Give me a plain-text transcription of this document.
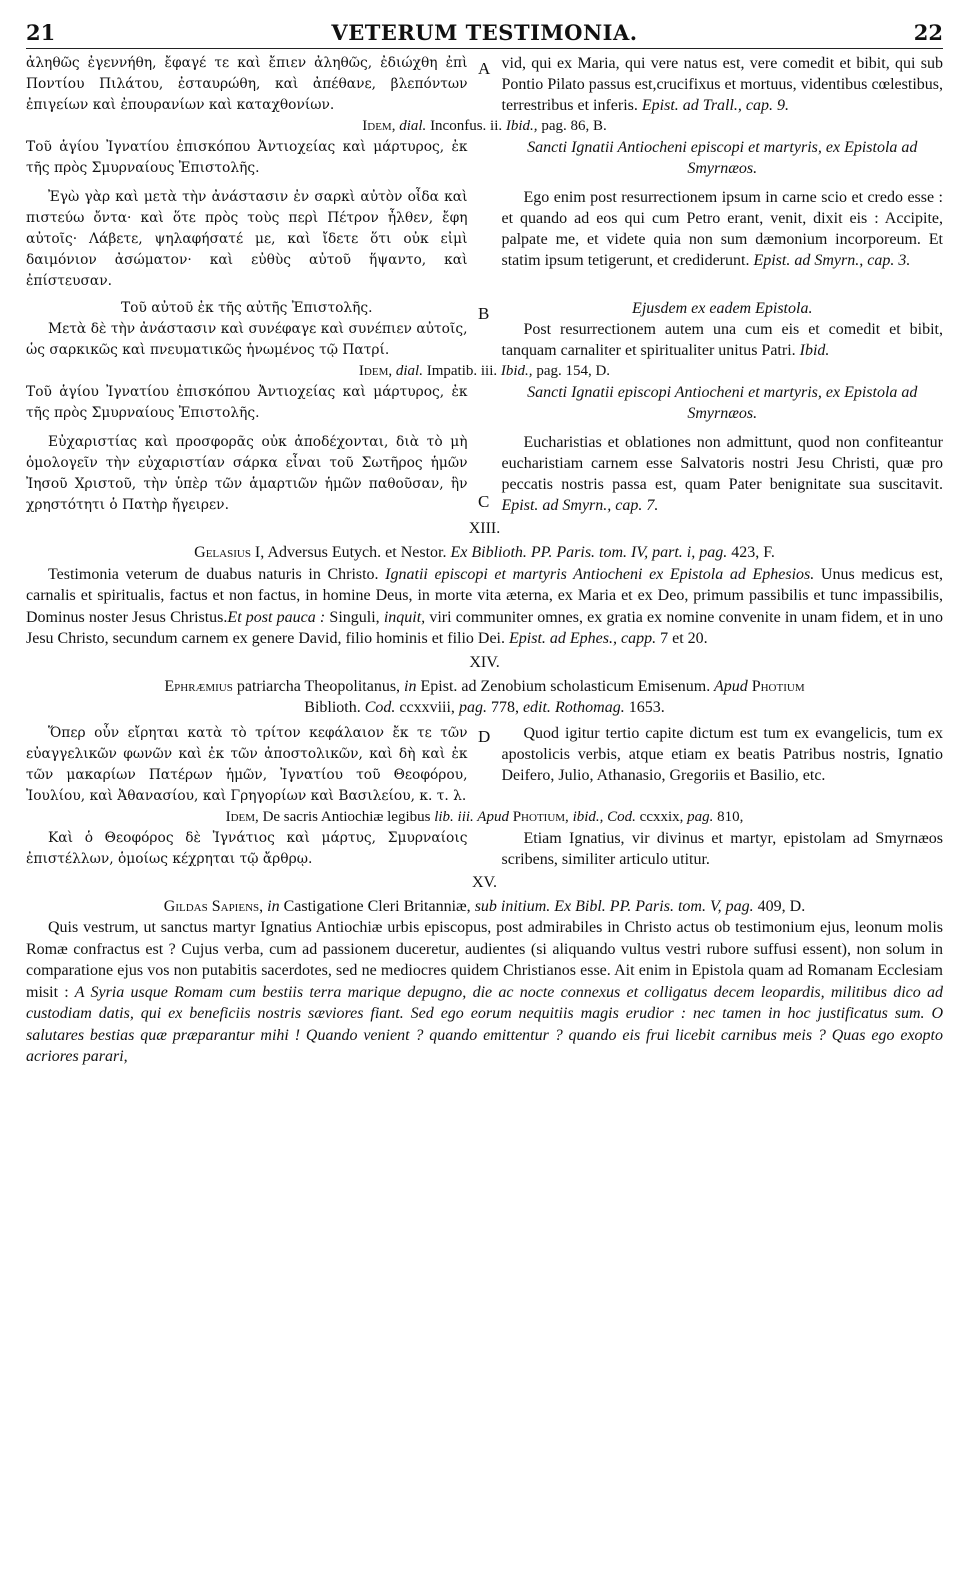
21	VETERUM TESTIMONIA.	22

ἀληθῶς ἐγεννήθη, ἔφαγέ τε καὶ ἔπιεν ἀληθῶς, ἐδιώχθη ἐπὶ Ποντίου Πιλάτου, ἐσταυρώθη, καὶ ἀπέθανε, βλεπόντων ἐπιγείων καὶ ἐπουρανίων καὶ καταχθονίων.

vid, qui ex Maria, qui vere natus est, vere comedit et bibit, qui sub Pontio Pilato passus est,crucifixus et mortuus, videntibus cœlestibus, terrestribus et inferis. Epist. ad Trall., cap. 9.

A
Idem, dial. Inconfus. ii. Ibid., pag. 86, B.

Τοῦ ἁγίου Ἰγνατίου ἐπισκόπου Ἀντιοχείας καὶ μάρτυρος, ἐκ τῆς πρὸς Σμυρναίους Ἐπιστολῆς.

Ἐγὼ γὰρ καὶ μετὰ τὴν ἀνάστασιν ἐν σαρκὶ αὐτὸν οἶδα καὶ πιστεύω ὄντα· καὶ ὅτε πρὸς τοὺς περὶ Πέτρον ἦλθεν, ἔφη αὐτοῖς· Λάβετε, ψηλαφήσατέ με, καὶ ἴδετε ὅτι οὐκ εἰμὶ δαιμόνιον ἀσώματον· καὶ εὐθὺς αὐτοῦ ἥψαντο, καὶ ἐπίστευσαν.

Sancti Ignatii Antiocheni episcopi et martyris, ex Epistola ad Smyrnæos.

Ego enim post resurrectionem ipsum in carne scio et credo esse : et quando ad eos qui cum Petro erant, venit, dixit eis : Accipite, palpate me, et videte quia non sum dæmonium incorporeum. Et statim ipsum tetigerunt, et crediderunt. Epist. ad Smyrn., cap. 3.

Τοῦ αὐτοῦ ἐκ τῆς αὐτῆς Ἐπιστολῆς.

Μετὰ δὲ τὴν ἀνάστασιν καὶ συνέφαγε καὶ συνέπιεν αὐτοῖς, ὡς σαρκικῶς καὶ πνευματικῶς ἡνωμένος τῷ Πατρί.

Ejusdem ex eadem Epistola.

Post resurrectionem autem una cum eis et comedit et bibit, tanquam carnaliter et spiritualiter unitus Patri. Ibid.

B
Idem, dial. Impatib. iii. Ibid., pag. 154, D.

Τοῦ ἁγίου Ἰγνατίου ἐπισκόπου Ἀντιοχείας καὶ μάρτυρος, ἐκ τῆς πρὸς Σμυρναίους Ἐπιστολῆς.

Εὐχαριστίας καὶ προσφορᾶς οὐκ ἀποδέχονται, διὰ τὸ μὴ ὁμολογεῖν τὴν εὐχαριστίαν σάρκα εἶναι τοῦ Σωτῆρος ἡμῶν Ἰησοῦ Χριστοῦ, τὴν ὑπὲρ τῶν ἁμαρτιῶν ἡμῶν παθοῦσαν, ἣν χρηστότητι ὁ Πατὴρ ἤγειρεν.

Sancti Ignatii episcopi Antiocheni et martyris, ex Epistola ad Smyrnæos.

Eucharistias et oblationes non admittunt, quod non confiteantur eucharistiam carnem esse Salvatoris nostri Jesu Christi, quæ pro peccatis nostris passa est, quam Pater benignitate sua suscitavit. Epist. ad Smyrn., cap. 7.

C
XIII.

Gelasius I, Adversus Eutych. et Nestor. Ex Biblioth. PP. Paris. tom. IV, part. i, pag. 423, F.

Testimonia veterum de duabus naturis in Christo. Ignatii episcopi et martyris Antiocheni ex Epistola ad Ephesios. Unus medicus est, carnalis et spiritualis, factus et non factus, in homine Deus, in morte vita æterna, ex Maria et ex Deo, primum passibilis et tunc impassibilis, Dominus noster Jesus Christus.Et post pauca : Singuli, inquit, viri communiter omnes, ex gratia ex nomine convenite in unam fidem, et in uno Jesu Christo, secundum carnem ex genere David, filio hominis et filio Dei. Epist. ad Ephes., capp. 7 et 20.

XIV.

Ephræmius patriarcha Theopolitanus, in Epist. ad Zenobium scholasticum Emisenum. Apud Photium

Biblioth. Cod. ccxxviii, pag. 778, edit. Rothomag. 1653.

Ὅπερ οὖν εἴρηται κατὰ τὸ τρίτον κεφάλαιον ἔκ τε τῶν εὐαγγελικῶν φωνῶν καὶ ἐκ τῶν ἀποστολικῶν, καὶ δὴ καὶ ἐκ τῶν μακαρίων Πατέρων ἡμῶν, Ἰγνατίου τοῦ Θεοφόρου, Ἰουλίου, καὶ Ἀθανασίου, καὶ Γρηγορίων καὶ Βασιλείου, κ. τ. λ.

Quod igitur tertio capite dictum est tum ex evangelicis, tum ex apostolicis verbis, atque etiam ex beatis Patribus nostris, Ignatio Deifero, Julio, Athanasio, Gregoriis et Basilio, etc.

D
Idem, De sacris Antiochiæ legibus lib. iii. Apud Photium, ibid., Cod. ccxxix, pag. 810,

Καὶ ὁ Θεοφόρος δὲ Ἰγνάτιος καὶ μάρτυς, Σμυρναίοις ἐπιστέλλων, ὁμοίως κέχρηται τῷ ἄρθρῳ.

Etiam Ignatius, vir divinus et martyr, epistolam ad Smyrnæos scribens, similiter articulo utitur.

XV.

Gildas Sapiens, in Castigatione Cleri Britanniæ, sub initium. Ex Bibl. PP. Paris. tom. V, pag. 409, D.

Quis vestrum, ut sanctus martyr Ignatius Antiochiæ urbis episcopus, post admirabiles in Christo actus ob testimonium ejus, leonum molis Romæ confractus est ? Cujus verba, cum ad passionem duceretur, audientes (si aliquando vultus vestri rubore suffusi essent), non solum in comparatione ejus vos non putabitis sacerdotes, sed ne mediocres quidem Christianos esse. Ait enim in Epistola quam ad Romanam Ecclesiam misit : A Syria usque Romam cum bestiis terra marique depugno, die ac nocte connexus et colligatus decem leopardis, militibus dico ad custodiam datis, qui ex beneficiis nostris sæviores fiant. Sed ego eorum nequitiis magis erudior : nec tamen in hoc justificatus sum. O salutares bestias quæ præparantur mihi ! Quando venient ? quando emittentur ? quando eis frui licebit carnibus meis ? Quas ego exopto acriores parari,
